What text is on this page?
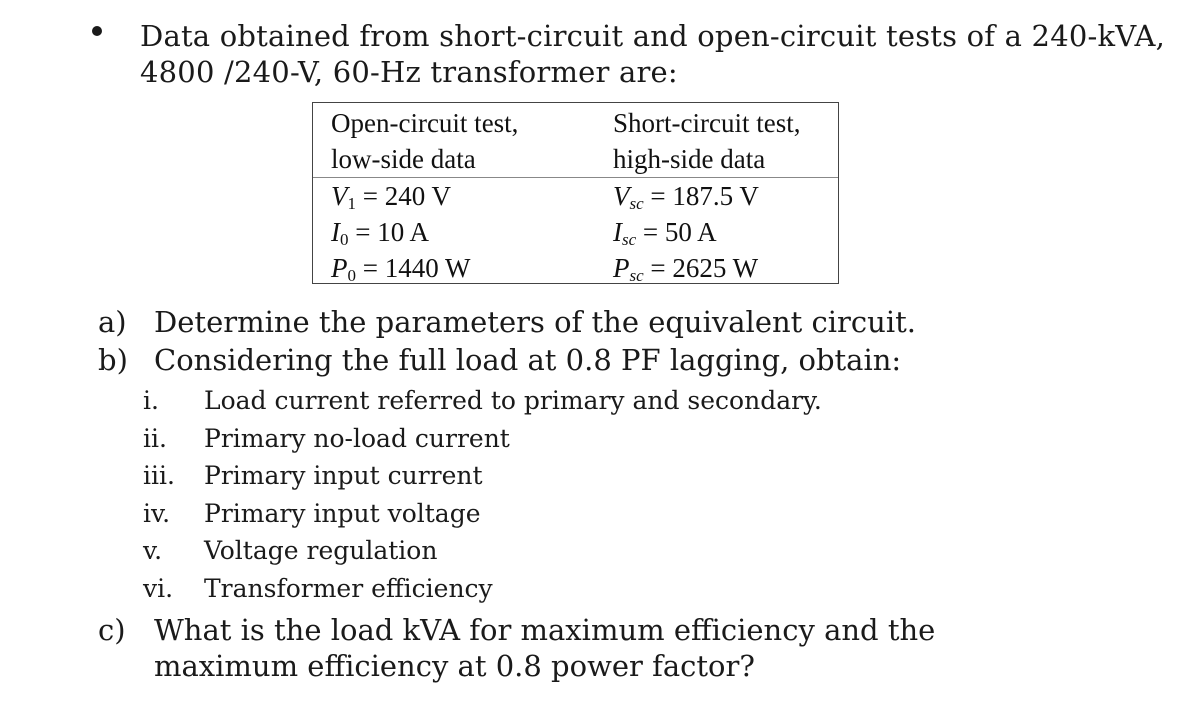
Data obtained from short-circuit and open-circuit tests of a 240-kVA,
4800 /240-V, 60-Hz transformer are:
Open-circuit test,
low-side data
Short-circuit test,
high-side data
$V_1 = 240$ V
$I_0 = 10$ A
$P_0 = 1440$ W
$V_{sc} = 187.5$ V
$I_{sc} = 50$ A
$P_{sc} = 2625$ W
a) Determine the parameters of the equivalent circuit.
b) Considering the full load at 0.8 PF lagging, obtain:
i. Load current referred to primary and secondary.
ii. Primary no-load current
iii. Primary input current
iv. Primary input voltage
v. Voltage regulation
vi. Transformer efficiency
c) What is the load kVA for maximum efficiency and the
maximum efficiency at 0.8 power factor?
